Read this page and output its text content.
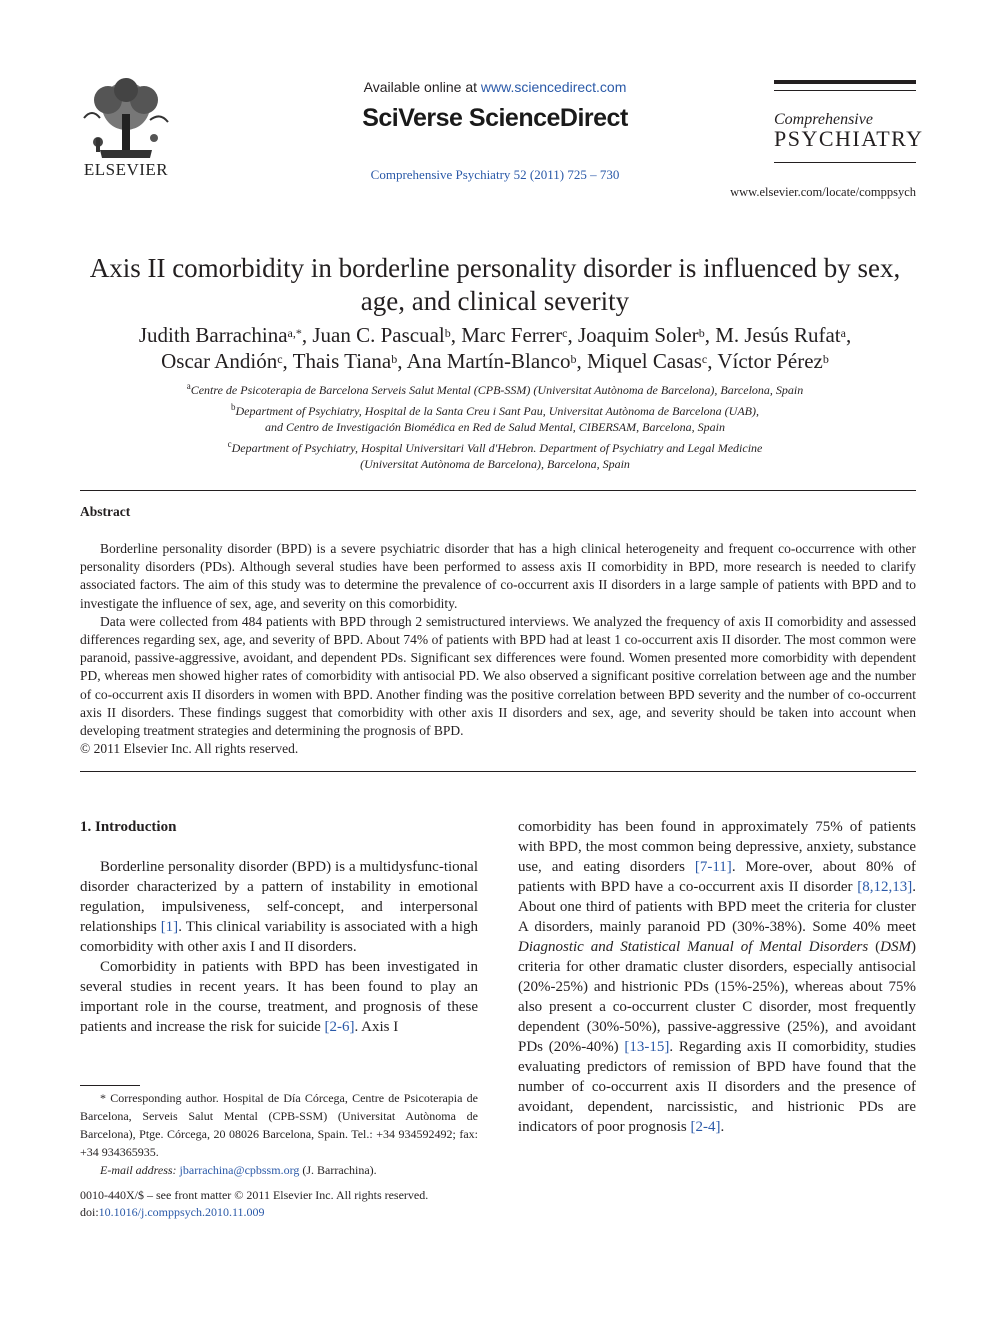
ELSEVIER
Available online at www.sciencedirect.com
SciVerse ScienceDirect
Comprehensive Psychiatry 52 (2011) 725 – 730
Comprehensive
PSYCHIATRY
www.elsevier.com/locate/comppsych
Axis II comorbidity in borderline personality disorder is influenced by sex, age, and clinical severity
Judith Barrachina$^{a,*}$, Juan C. Pascual$^b$, Marc Ferrer$^c$, Joaquim Soler$^b$, M. Jesús Rufat$^a$,
Oscar Andión$^c$, Thais Tiana$^b$, Ana Martín-Blanco$^b$, Miquel Casas$^c$, Víctor Pérez$^b$
$^a$Centre de Psicoterapia de Barcelona Serveis Salut Mental (CPB-SSM) (Universitat Autònoma de Barcelona), Barcelona, Spain
$^b$Department of Psychiatry, Hospital de la Santa Creu i Sant Pau, Universitat Autònoma de Barcelona (UAB),
and Centro de Investigación Biomédica en Red de Salud Mental, CIBERSAM, Barcelona, Spain
$^c$Department of Psychiatry, Hospital Universitari Vall d'Hebron. Department of Psychiatry and Legal Medicine
(Universitat Autònoma de Barcelona), Barcelona, Spain
Abstract

Borderline personality disorder (BPD) is a severe psychiatric disorder that has a high clinical heterogeneity and frequent co-occurrence with other personality disorders (PDs). Although several studies have been performed to assess axis II comorbidity in BPD, more research is needed to clarify associated factors. The aim of this study was to determine the prevalence of co-occurrent axis II disorders in a large sample of patients with BPD and to investigate the influence of sex, age, and severity on this comorbidity.

Data were collected from 484 patients with BPD through 2 semistructured interviews. We analyzed the frequency of axis II comorbidity and assessed differences regarding sex, age, and severity of BPD. About 74% of patients with BPD had at least 1 co-occurrent axis II disorder. The most common were paranoid, passive-aggressive, avoidant, and dependent PDs. Significant sex differences were found. Women presented more comorbidity with dependent PD, whereas men showed higher rates of comorbidity with antisocial PD. We also observed a significant positive correlation between age and the number of co-occurrent axis II disorders in women with BPD. Another finding was the positive correlation between BPD severity and the number of co-occurrent axis II disorders. These findings suggest that comorbidity with other axis II disorders and sex, age, and severity should be taken into account when developing treatment strategies and determining the prognosis of BPD.

© 2011 Elsevier Inc. All rights reserved.

1. Introduction

Borderline personality disorder (BPD) is a multidysfunc-tional disorder characterized by a pattern of instability in emotional regulation, impulsiveness, self-concept, and interpersonal relationships [1]. This clinical variability is associated with a high comorbidity with other axis I and II disorders.

Comorbidity in patients with BPD has been investigated in several studies in recent years. It has been found to play an important role in the course, treatment, and prognosis of these patients and increase the risk for suicide [2-6]. Axis I

* Corresponding author. Hospital de Día Córcega, Centre de Psicoterapia de Barcelona, Serveis Salut Mental (CPB-SSM) (Universitat Autònoma de Barcelona), Ptge. Córcega, 20 08026 Barcelona, Spain. Tel.: +34 934592492; fax: +34 934365935.

E-mail address: jbarrachina@cpbssm.org (J. Barrachina).

0010-440X/$ – see front matter © 2011 Elsevier Inc. All rights reserved.
doi:10.1016/j.comppsych.2010.11.009

comorbidity has been found in approximately 75% of patients with BPD, the most common being depressive, anxiety, substance use, and eating disorders [7-11]. More-over, about 80% of patients with BPD have a co-occurrent axis II disorder [8,12,13]. About one third of patients with BPD meet the criteria for cluster A disorders, mainly paranoid PD (30%-38%). Some 40% meet Diagnostic and Statistical Manual of Mental Disorders (DSM) criteria for other dramatic cluster disorders, especially antisocial (20%-25%) and histrionic PDs (15%-25%), whereas about 75% also present a co-occurrent cluster C disorder, most frequently dependent (30%-50%), passive-aggressive (25%), and avoidant PDs (20%-40%) [13-15]. Regarding axis II comorbidity, studies evaluating predictors of remission of BPD have found that the number of co-occurrent axis II disorders and the presence of avoidant, dependent, narcissistic, and histrionic PDs are indicators of poor prognosis [2-4].
